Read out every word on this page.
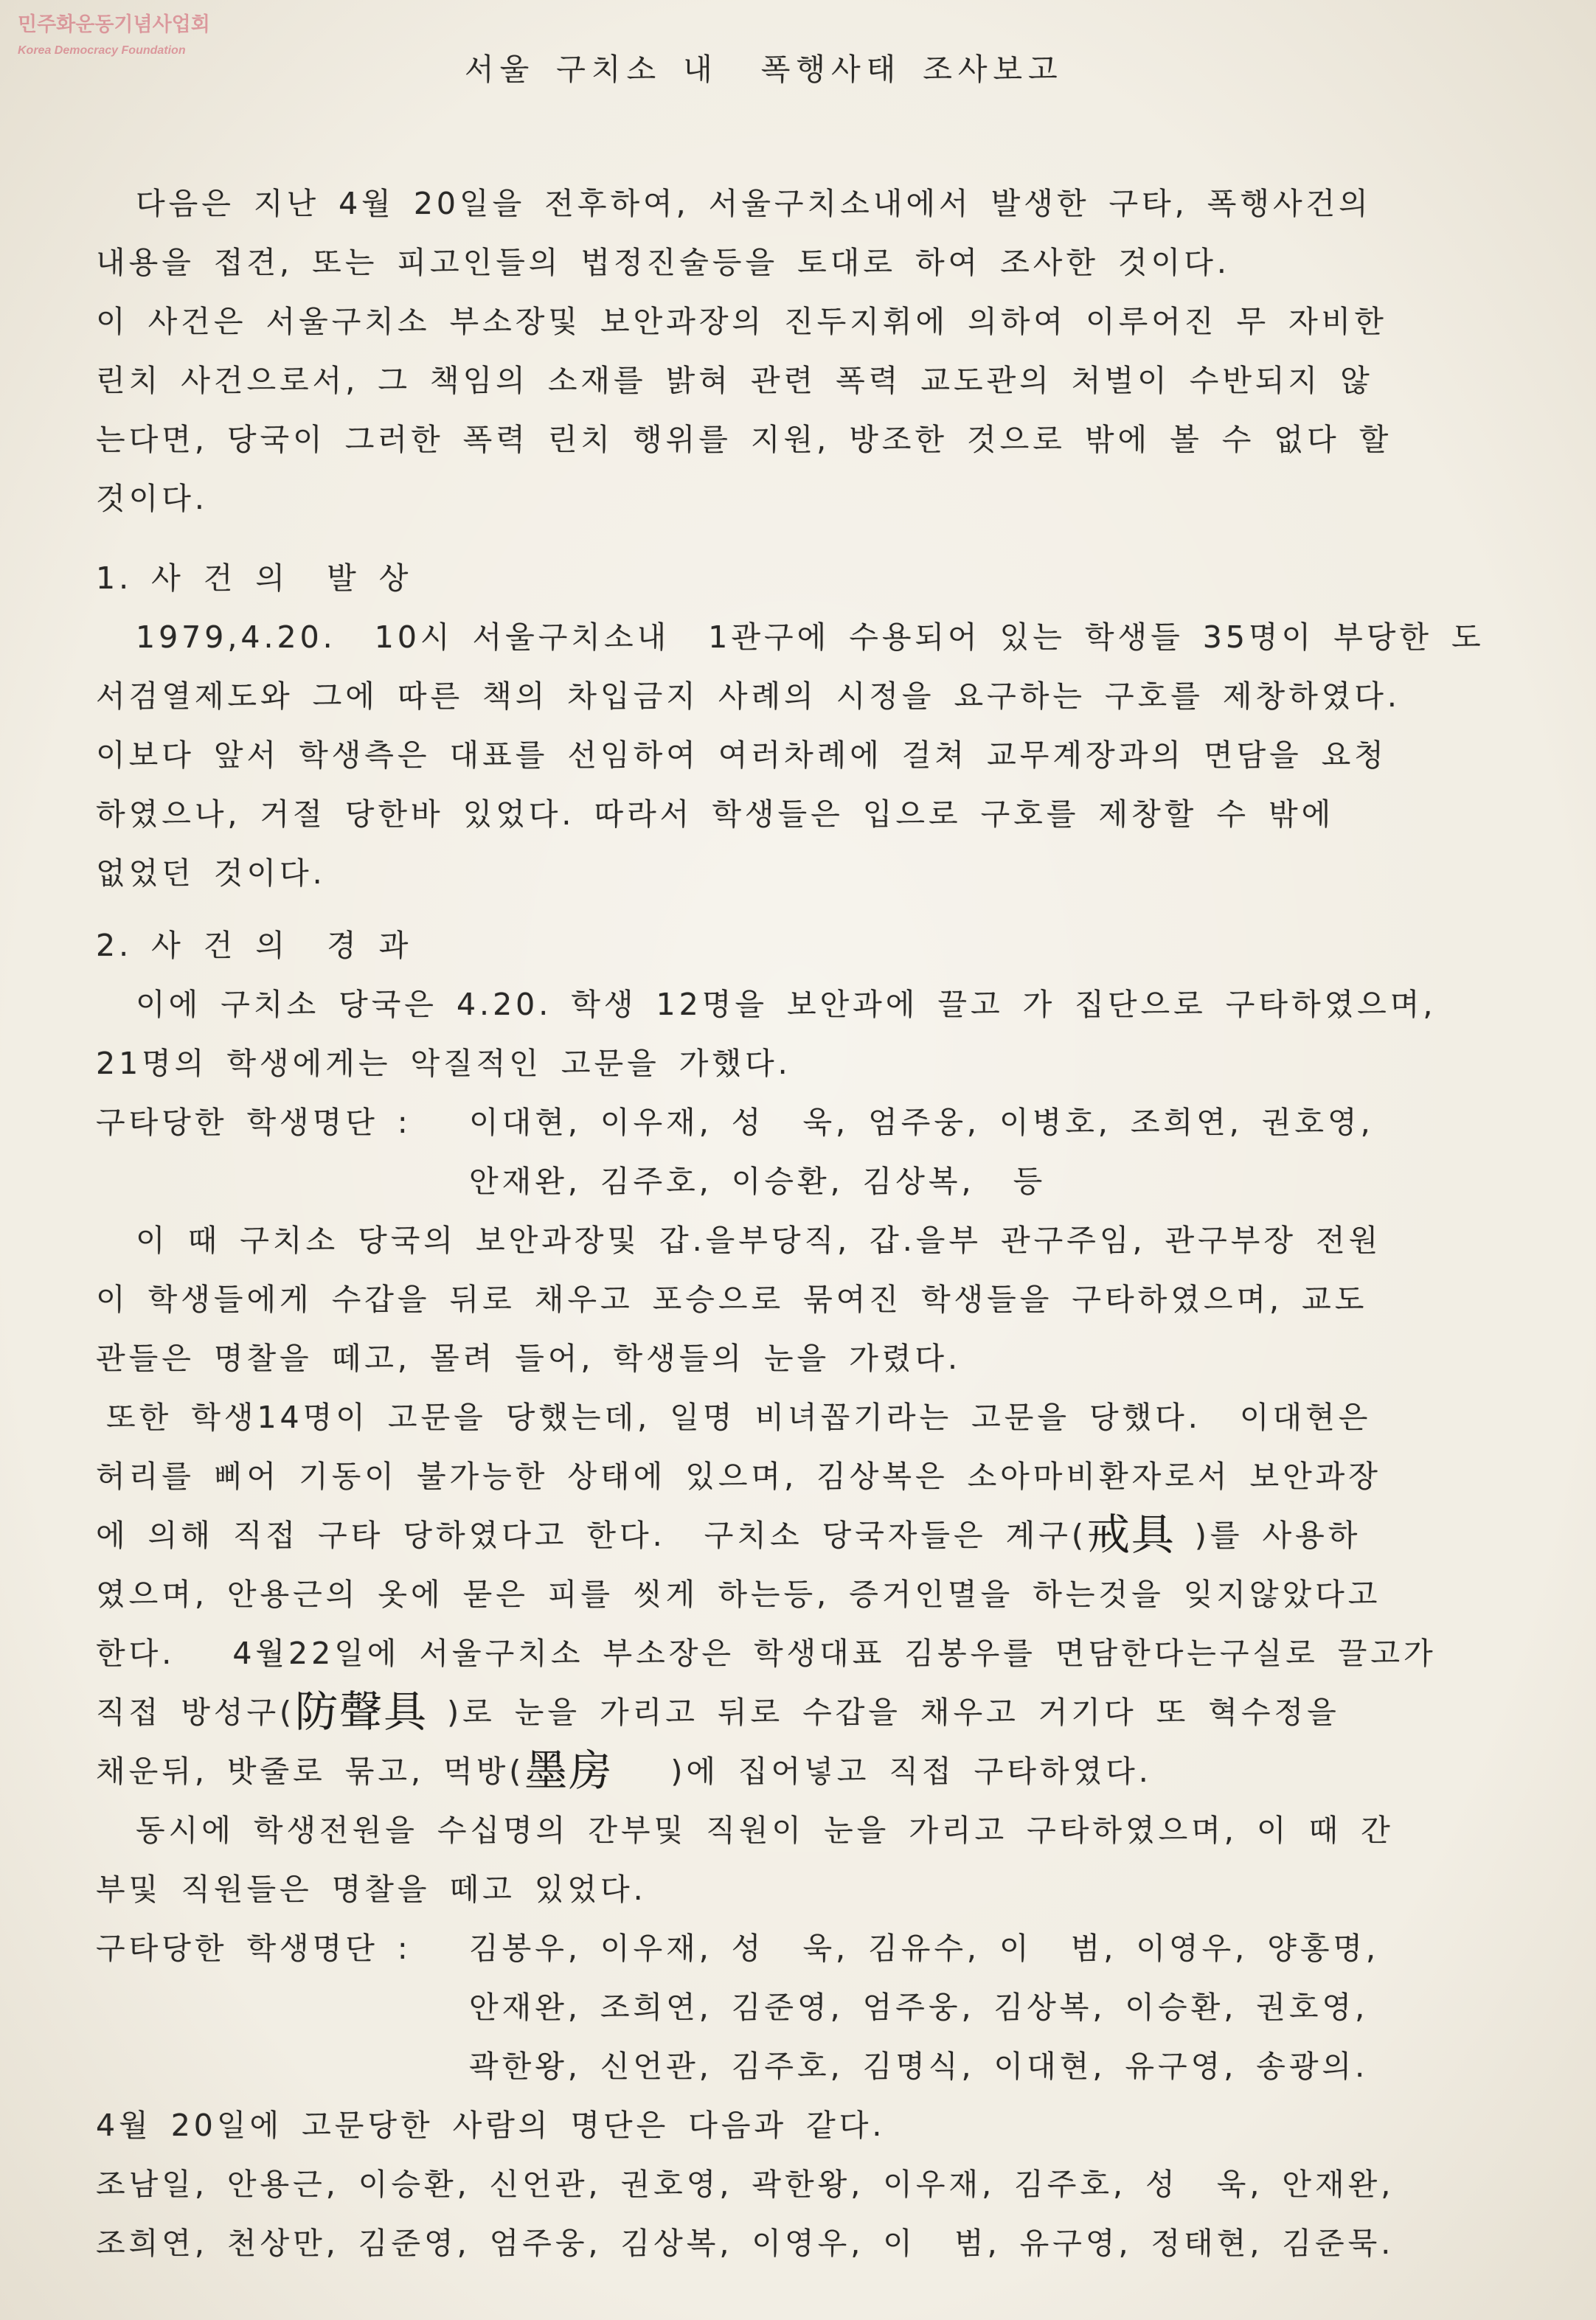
민주화운동기념사업회
Korea Democracy Foundation
서울 구치소 내  폭행사태 조사보고
다음은 지난 4월 20일을 전후하여, 서울구치소내에서 발생한 구타, 폭행사건의
내용을 접견, 또는 피고인들의 법정진술등을 토대로 하여 조사한 것이다.
이 사건은 서울구치소 부소장및 보안과장의 진두지휘에 의하여 이루어진 무 자비한
린치 사건으로서, 그 책임의 소재를 밝혀 관련 폭력 교도관의 처벌이 수반되지 않
는다면, 당국이 그러한 폭력 린치 행위를 지원, 방조한 것으로 밖에 볼 수 없다 할
것이다.
1. 사 건 의  발 상
1979,4.20.  10시 서울구치소내  1관구에 수용되어 있는 학생들 35명이 부당한 도
서검열제도와 그에 따른 책의 차입금지 사례의 시정을 요구하는 구호를 제창하였다.
이보다 앞서 학생측은 대표를 선임하여 여러차례에 걸쳐 교무계장과의 면담을 요청
하였으나, 거절 당한바 있었다. 따라서 학생들은 입으로 구호를 제창할 수 밖에
없었던 것이다.
2. 사 건 의  경 과
이에 구치소 당국은 4.20. 학생 12명을 보안과에 끌고 가 집단으로 구타하였으며,
21명의 학생에게는 악질적인 고문을 가했다.
구타당한 학생명단 : 이대현, 이우재, 성  욱, 엄주웅, 이병호, 조희연, 권호영,
안재완, 김주호, 이승환, 김상복,  등
이 때 구치소 당국의 보안과장및 갑.을부당직, 갑.을부 관구주임, 관구부장 전원
이 학생들에게 수갑을 뒤로 채우고 포승으로 묶여진 학생들을 구타하였으며, 교도
관들은 명찰을 떼고, 몰려 들어, 학생들의 눈을 가렸다.
또한 학생14명이 고문을 당했는데, 일명 비녀꼽기라는 고문을 당했다.  이대현은
허리를 삐어 기동이 불가능한 상태에 있으며, 김상복은 소아마비환자로서 보안과장
에 의해 직접 구타 당하였다고 한다.  구치소 당국자들은 계구(戒具 )를 사용하
였으며, 안용근의 옷에 묻은 피를 씻게 하는등, 증거인멸을 하는것을 잊지않았다고
한다.   4월22일에 서울구치소 부소장은 학생대표 김봉우를 면담한다는구실로 끌고가
직접 방성구(防聲具 )로 눈을 가리고 뒤로 수갑을 채우고 거기다 또 혁수정을
채운뒤, 밧줄로 묶고, 먹방(墨房   )에 집어넣고 직접 구타하였다.
동시에 학생전원을 수십명의 간부및 직원이 눈을 가리고 구타하였으며, 이 때 간
부및 직원들은 명찰을 떼고 있었다.
구타당한 학생명단 : 김봉우, 이우재, 성  욱, 김유수, 이  범, 이영우, 양홍명,
안재완, 조희연, 김준영, 엄주웅, 김상복, 이승환, 권호영,
곽한왕, 신언관, 김주호, 김명식, 이대현, 유구영, 송광의.
4월 20일에 고문당한 사람의 명단은 다음과 같다.
조남일, 안용근, 이승환, 신언관, 권호영, 곽한왕, 이우재, 김주호, 성  욱, 안재완,
조희연, 천상만, 김준영, 엄주웅, 김상복, 이영우, 이  범, 유구영, 정태현, 김준묵.
